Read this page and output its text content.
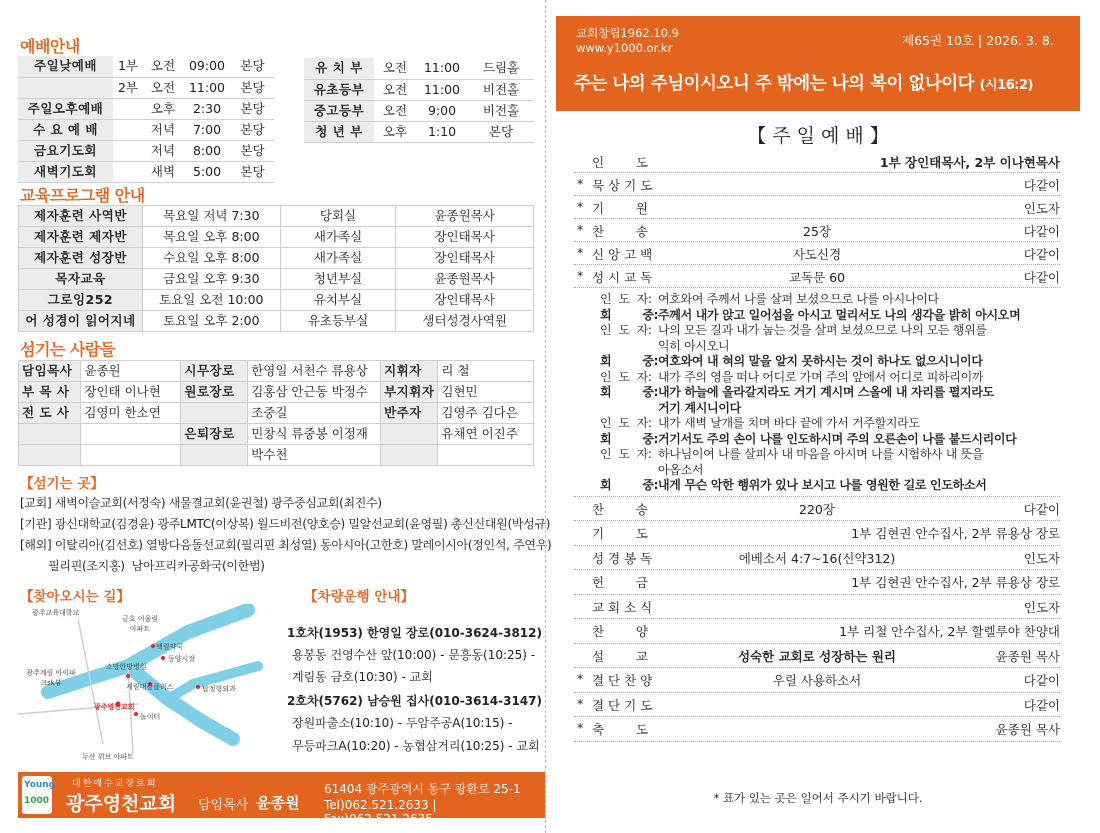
예배안내
주일낮예배	1부	오전	09:00	본당
	2부	오전	11:00	본당
주일오후예배		오후	2:30	본당
수 요 예 배		저녁	7:00	본당
금요기도회		저녁	8:00	본당
새벽기도회		새벽	5:00	본당
유 치 부	오전	11:00	드림홀
유초등부	오전	11:00	비전홀
중고등부	오전	9:00	비전홀
청 년 부	오후	1:10	본당
교육프로그램 안내
제자훈련 사역반	목요일 저녁 7:30	당회실	윤종원목사
제자훈련 제자반	목요일 오후 8:00	새가족실	장인태목사
제자훈련 성장반	수요일 오후 8:00	새가족실	장인태목사
목자교육	금요일 오후 9:30	청년부실	윤종원목사
그로잉252	토요일 오전 10:00	유치부실	장인태목사
어 성경이 읽어지네	토요일 오후 2:00	유초등부실	생터성경사역원
섬기는 사람들
담임목사	윤종원	시무장로	한영일 서천수 류용상	지휘자	리 철
부 목 사	장인태 이나현	원로장로	김홍삼 안근동 박정수	부지휘자	김현민
전 도 사	김영미 한소연		조중길	반주자	김영주 김다은
		은퇴장로	민창식 류중봉 이정재		유채연 이진주
			박수천		
【섬기는 곳】
[교회] 새벽이슬교회(서정숙) 새물결교회(윤권철) 광주중심교회(최진수)
[기관] 광신대학교(김경윤) 광주LMTC(이상복) 월드비전(양호승) 밀알선교회(윤영필) 총신신대원(박성규)
[해외] 이탈리아(김선호) 열방다음돌선교회(필리핀 최성열) 동아시아(고한호) 말레이시아(정인석, 주연우)
필리핀(조지홍)  남아프리카공화국(이한범)
【찾아오시는 길】
광주교육대학교
금호 어울림 아파트
백림약국
소망한방병원
동양시장
광주계림 아이파크sk뷰	계림대광클리스	탑정형외과
광주영천교회
놀이터
두산 위브 아파트
금남로
두암지구입구
【차량운행 안내】
1호차(1953) 한영일 장로(010-3624-3812)
용봉동 건영수산 앞(10:00) - 문흥동(10:25) -
계림동 금호(10:30) - 교회
2호차(5762) 남승원 집사(010-3614-3147)
장원파출소(10:10) - 두암주공A(10:15) -
무등파크A(10:20) - 농협삼거리(10:25) - 교회
Young
1000
대한예수교장로회
광주영천교회 담임목사 윤종원
61404 광주광역시 동구 광환로 25-1
Tel)062.521.2633 | Fax)062.521.2635
교회창립1962.10.9
www.y1000.or.kr	제65권 10호 | 2026. 3. 8.
주는 나의 주님이시오니 주 밖에는 나의 복이 없나이다 (시16:2)
【 주 일 예 배 】
인        도	1부 장인태목사, 2부 이나현목사
* 묵 상 기 도	다같이
* 기        원	인도자
* 찬        송	25장	다같이
* 신 앙 고 백	사도신경	다같이
* 성 시 교 독	교독문 60	다같이
인  도  자: 여호와여 주께서 나를 살펴 보셨으므로 나를 아시나이다
회        중: 주께서 내가 앉고 일어섬을 아시고 멀리서도 나의 생각을 밝히 아시오며
인  도  자: 나의 모든 길과 내가 눕는 것을 살펴 보셨으므로 나의 모든 행위를
익히 아시오니
회        중: 여호와여 내 혀의 말을 알지 못하시는 것이 하나도 없으시니이다
인  도  자: 내가 주의 영을 떠나 어디로 가며 주의 앞에서 어디로 피하리이까
회        중: 내가 하늘에 올라갈지라도 거기 계시며 스올에 내 자리를 펼지라도
거기 계시니이다
인  도  자: 내가 새벽 날개를 치며 바다 끝에 가서 거주할지라도
회        중: 거기서도 주의 손이 나를 인도하시며 주의 오른손이 나를 붙드시리이다
인  도  자: 하나님이여 나를 살피사 내 마음을 아시며 나를 시험하사 내 뜻을
아옵소서
회        중: 내게 무슨 악한 행위가 있나 보시고 나를 영원한 길로 인도하소서
찬        송	220장	다같이
기        도	1부 김현권 안수집사, 2부 류용상 장로
성 경 봉 독	에베소서 4:7~16(신약312)	인도자
헌        금	1부 김현권 안수집사, 2부 류용상 장로
교 회 소 식	인도자
찬        양	1부 리철 안수집사, 2부 할렐루야 찬양대
설        교	성숙한 교회로 성장하는 원리	윤종원 목사
* 결 단 찬 양	우릴 사용하소서	다같이
* 결 단 기 도	다같이
* 축        도	윤종원 목사
* 표가 있는 곳은 일어서 주시기 바랍니다.
